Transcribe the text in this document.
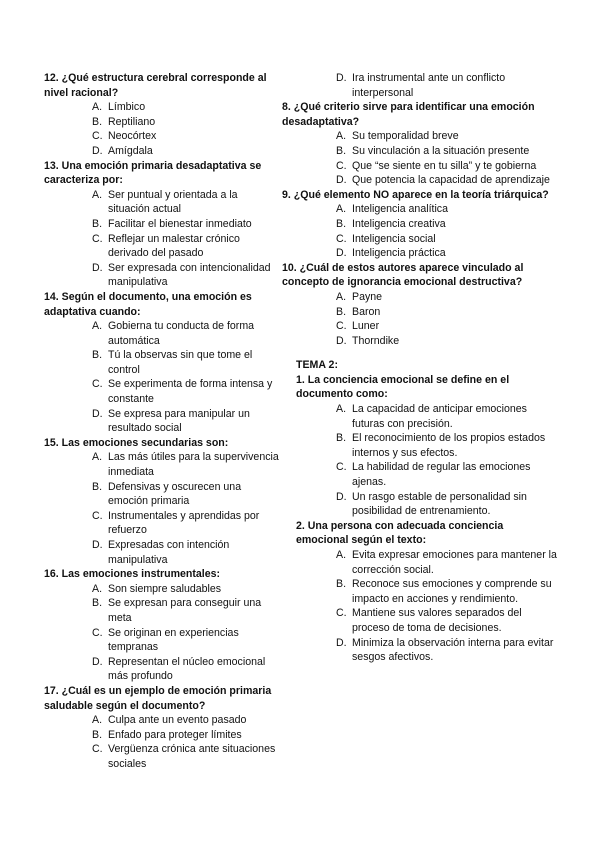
12. ¿Qué estructura cerebral corresponde al nivel racional?

A. Límbico
B. Reptiliano
C. Neocórtex
D. Amígdala

13. Una emoción primaria desadaptativa se caracteriza por:

A. Ser puntual y orientada a la situación actual
B. Facilitar el bienestar inmediato
C. Reflejar un malestar crónico derivado del pasado
D. Ser expresada con intencionalidad manipulativa

14. Según el documento, una emoción es adaptativa cuando:

A. Gobierna tu conducta de forma automática
B. Tú la observas sin que tome el control
C. Se experimenta de forma intensa y constante
D. Se expresa para manipular un resultado social

15. Las emociones secundarias son:

A. Las más útiles para la supervivencia inmediata
B. Defensivas y oscurecen una emoción primaria
C. Instrumentales y aprendidas por refuerzo
D. Expresadas con intención manipulativa

16. Las emociones instrumentales:

A. Son siempre saludables
B. Se expresan para conseguir una meta
C. Se originan en experiencias tempranas
D. Representan el núcleo emocional más profundo

17. ¿Cuál es un ejemplo de emoción primaria saludable según el documento?

A. Culpa ante un evento pasado
B. Enfado para proteger límites
C. Vergüenza crónica ante situaciones sociales
D. Ira instrumental ante un conflicto interpersonal

8. ¿Qué criterio sirve para identificar una emoción desadaptativa?

A. Su temporalidad breve
B. Su vinculación a la situación presente
C. Que “se siente en tu silla” y te gobierna
D. Que potencia la capacidad de aprendizaje

9. ¿Qué elemento NO aparece en la teoría triárquica?

A. Inteligencia analítica
B. Inteligencia creativa
C. Inteligencia social
D. Inteligencia práctica

10. ¿Cuál de estos autores aparece vinculado al concepto de ignorancia emocional destructiva?

A. Payne
B. Baron
C. Luner
D. Thorndike

TEMA 2:

1. La conciencia emocional se define en el documento como:

A. La capacidad de anticipar emociones futuras con precisión.
B. El reconocimiento de los propios estados internos y sus efectos.
C. La habilidad de regular las emociones ajenas.
D. Un rasgo estable de personalidad sin posibilidad de entrenamiento.

2. Una persona con adecuada conciencia emocional según el texto:

A. Evita expresar emociones para mantener la corrección social.
B. Reconoce sus emociones y comprende su impacto en acciones y rendimiento.
C. Mantiene sus valores separados del proceso de toma de decisiones.
D. Minimiza la observación interna para evitar sesgos afectivos.
